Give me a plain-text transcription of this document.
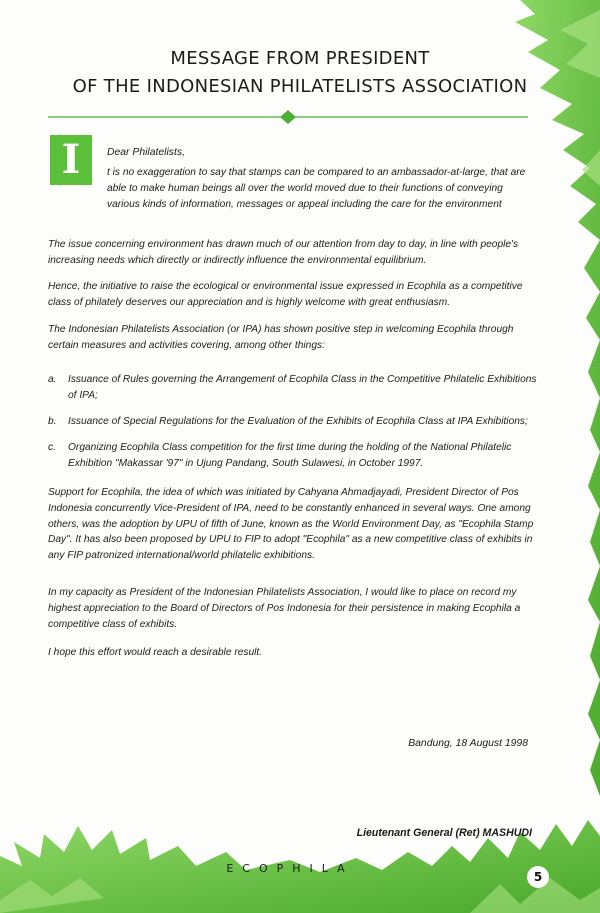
MESSAGE FROM PRESIDENT
OF THE INDONESIAN PHILATELISTS ASSOCIATION
I	Dear Philatelists,
t is no exaggeration to say that stamps can be compared to an ambassador-at-large, that are able to make human beings all over the world moved due to their functions of conveying various kinds of information, messages or appeal including the care for the environment
The issue concerning environment has drawn much of our attention from day to day, in line with people's increasing needs which directly or indirectly influence the environmental equilibrium.
Hence, the initiative to raise the ecological or environmental issue expressed in Ecophila as a competitive class of philately deserves our appreciation and is highly welcome with great enthusiasm.
The Indonesian Philatelists Association (or IPA) has shown positive step in welcoming Ecophila through certain measures and activities covering, among other things:
a. Issuance of Rules governing the Arrangement of Ecophila Class in the Competitive Philatelic Exhibitions of IPA;
b. Issuance of Special Regulations for the Evaluation of the Exhibits of Ecophila Class at IPA Exhibitions;
c. Organizing Ecophila Class competition for the first time during the holding of the National Philatelic Exhibition "Makassar '97" in Ujung Pandang, South Sulawesi, in October 1997.
Support for Ecophila, the idea of which was initiated by Cahyana Ahmadjayadi, President Director of Pos Indonesia concurrently Vice-President of IPA, need to be constantly enhanced in several ways. One among others, was the adoption by UPU of fifth of June, known as the World Environment Day, as "Ecophila Stamp Day". It has also been proposed by UPU to FIP to adopt "Ecophila" as a new competitive class of exhibits in any FIP patronized international/world philatelic exhibitions.
In my capacity as President of the Indonesian Philatelists Association, I would like to place on record my highest appreciation to the Board of Directors of Pos Indonesia for their persistence in making Ecophila a competitive class of exhibits.
I hope this effort would reach a desirable result.
Bandung, 18 August 1998
Lieutenant General (Ret) MASHUDI
ECOPHILA
5
